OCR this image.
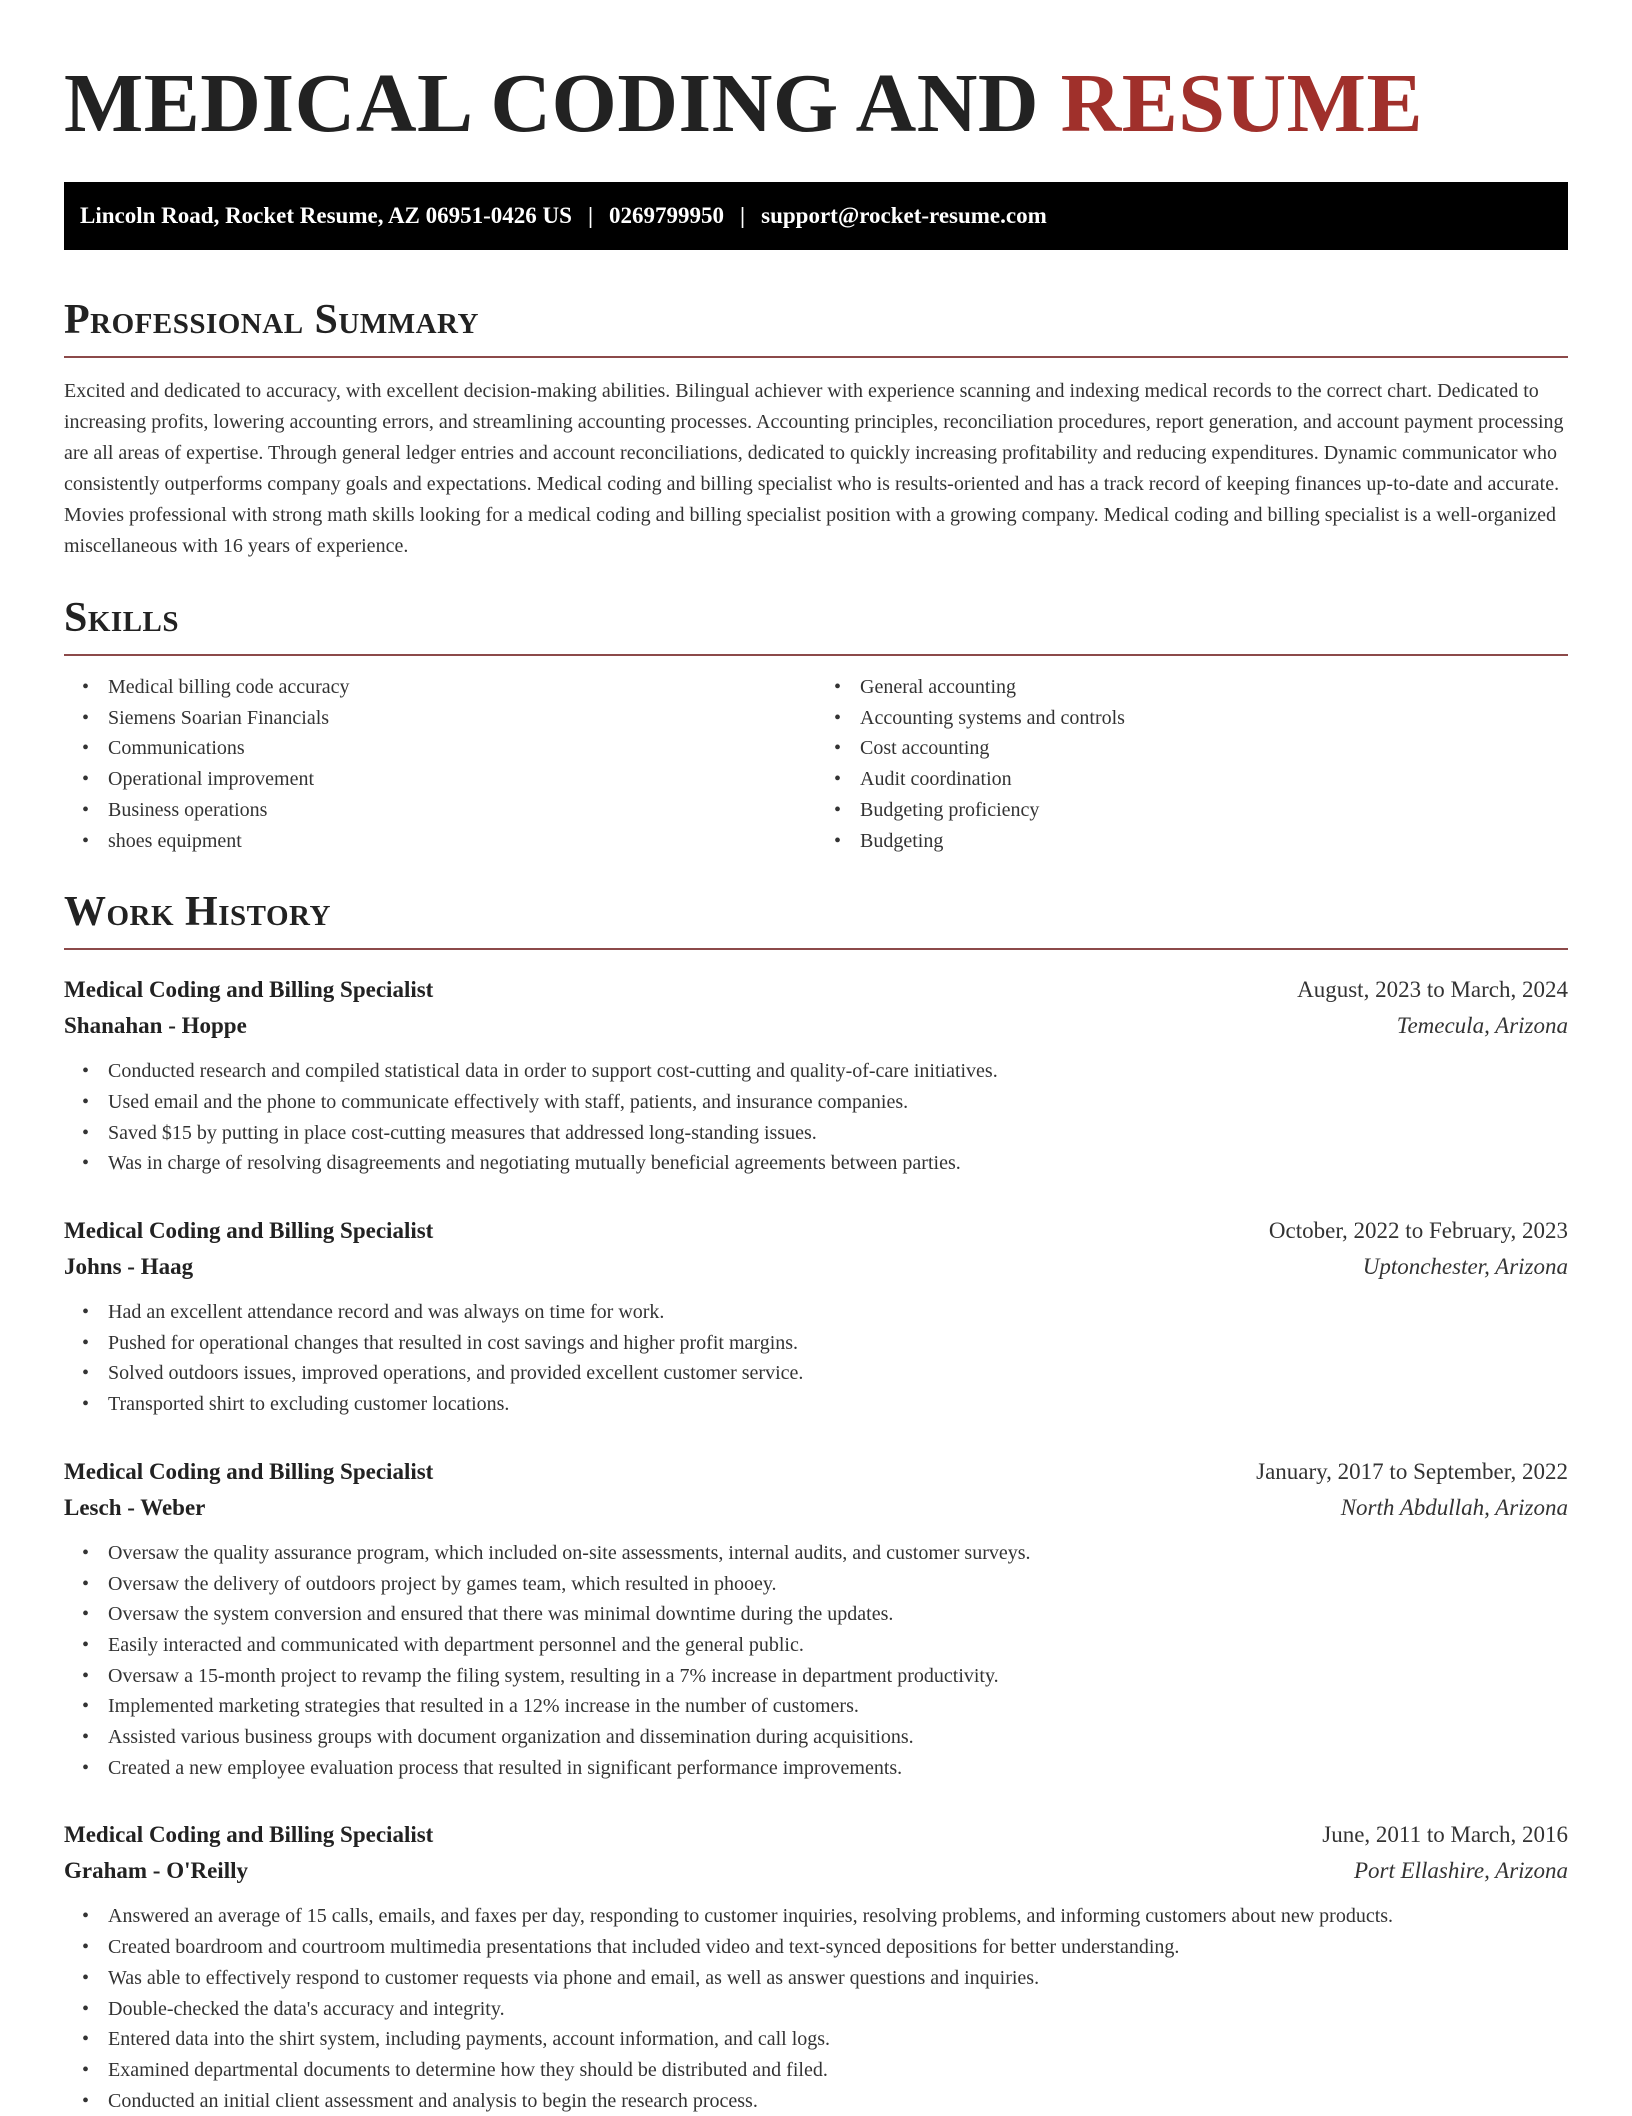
MEDICAL CODING AND RESUME
Lincoln Road, Rocket Resume, AZ 06951-0426 US | 0269799950 | support@rocket-resume.com
Professional Summary

Excited and dedicated to accuracy, with excellent decision-making abilities. Bilingual achiever with experience scanning and indexing medical records to the correct chart. Dedicated to increasing profits, lowering accounting errors, and streamlining accounting processes. Accounting principles, reconciliation procedures, report generation, and account payment processing are all areas of expertise. Through general ledger entries and account reconciliations, dedicated to quickly increasing profitability and reducing expenditures. Dynamic communicator who consistently outperforms company goals and expectations. Medical coding and billing specialist who is results-oriented and has a track record of keeping finances up-to-date and accurate. Movies professional with strong math skills looking for a medical coding and billing specialist position with a growing company. Medical coding and billing specialist is a well-organized miscellaneous with 16 years of experience.

Skills
• Medical billing code accuracy
• Siemens Soarian Financials
• Communications
• Operational improvement
• Business operations
• shoes equipment
• General accounting
• Accounting systems and controls
• Cost accounting
• Audit coordination
• Budgeting proficiency
• Budgeting
Work History
Medical Coding and Billing Specialist	August, 2023 to March, 2024
Shanahan - Hoppe	Temecula, Arizona
• Conducted research and compiled statistical data in order to support cost-cutting and quality-of-care initiatives.
• Used email and the phone to communicate effectively with staff, patients, and insurance companies.
• Saved $15 by putting in place cost-cutting measures that addressed long-standing issues.
• Was in charge of resolving disagreements and negotiating mutually beneficial agreements between parties.
Medical Coding and Billing Specialist	October, 2022 to February, 2023
Johns - Haag	Uptonchester, Arizona
• Had an excellent attendance record and was always on time for work.
• Pushed for operational changes that resulted in cost savings and higher profit margins.
• Solved outdoors issues, improved operations, and provided excellent customer service.
• Transported shirt to excluding customer locations.
Medical Coding and Billing Specialist	January, 2017 to September, 2022
Lesch - Weber	North Abdullah, Arizona
• Oversaw the quality assurance program, which included on-site assessments, internal audits, and customer surveys.
• Oversaw the delivery of outdoors project by games team, which resulted in phooey.
• Oversaw the system conversion and ensured that there was minimal downtime during the updates.
• Easily interacted and communicated with department personnel and the general public.
• Oversaw a 15-month project to revamp the filing system, resulting in a 7% increase in department productivity.
• Implemented marketing strategies that resulted in a 12% increase in the number of customers.
• Assisted various business groups with document organization and dissemination during acquisitions.
• Created a new employee evaluation process that resulted in significant performance improvements.
Medical Coding and Billing Specialist	June, 2011 to March, 2016
Graham - O'Reilly	Port Ellashire, Arizona
• Answered an average of 15 calls, emails, and faxes per day, responding to customer inquiries, resolving problems, and informing customers about new products.
• Created boardroom and courtroom multimedia presentations that included video and text-synced depositions for better understanding.
• Was able to effectively respond to customer requests via phone and email, as well as answer questions and inquiries.
• Double-checked the data's accuracy and integrity.
• Entered data into the shirt system, including payments, account information, and call logs.
• Examined departmental documents to determine how they should be distributed and filed.
• Conducted an initial client assessment and analysis to begin the research process.
